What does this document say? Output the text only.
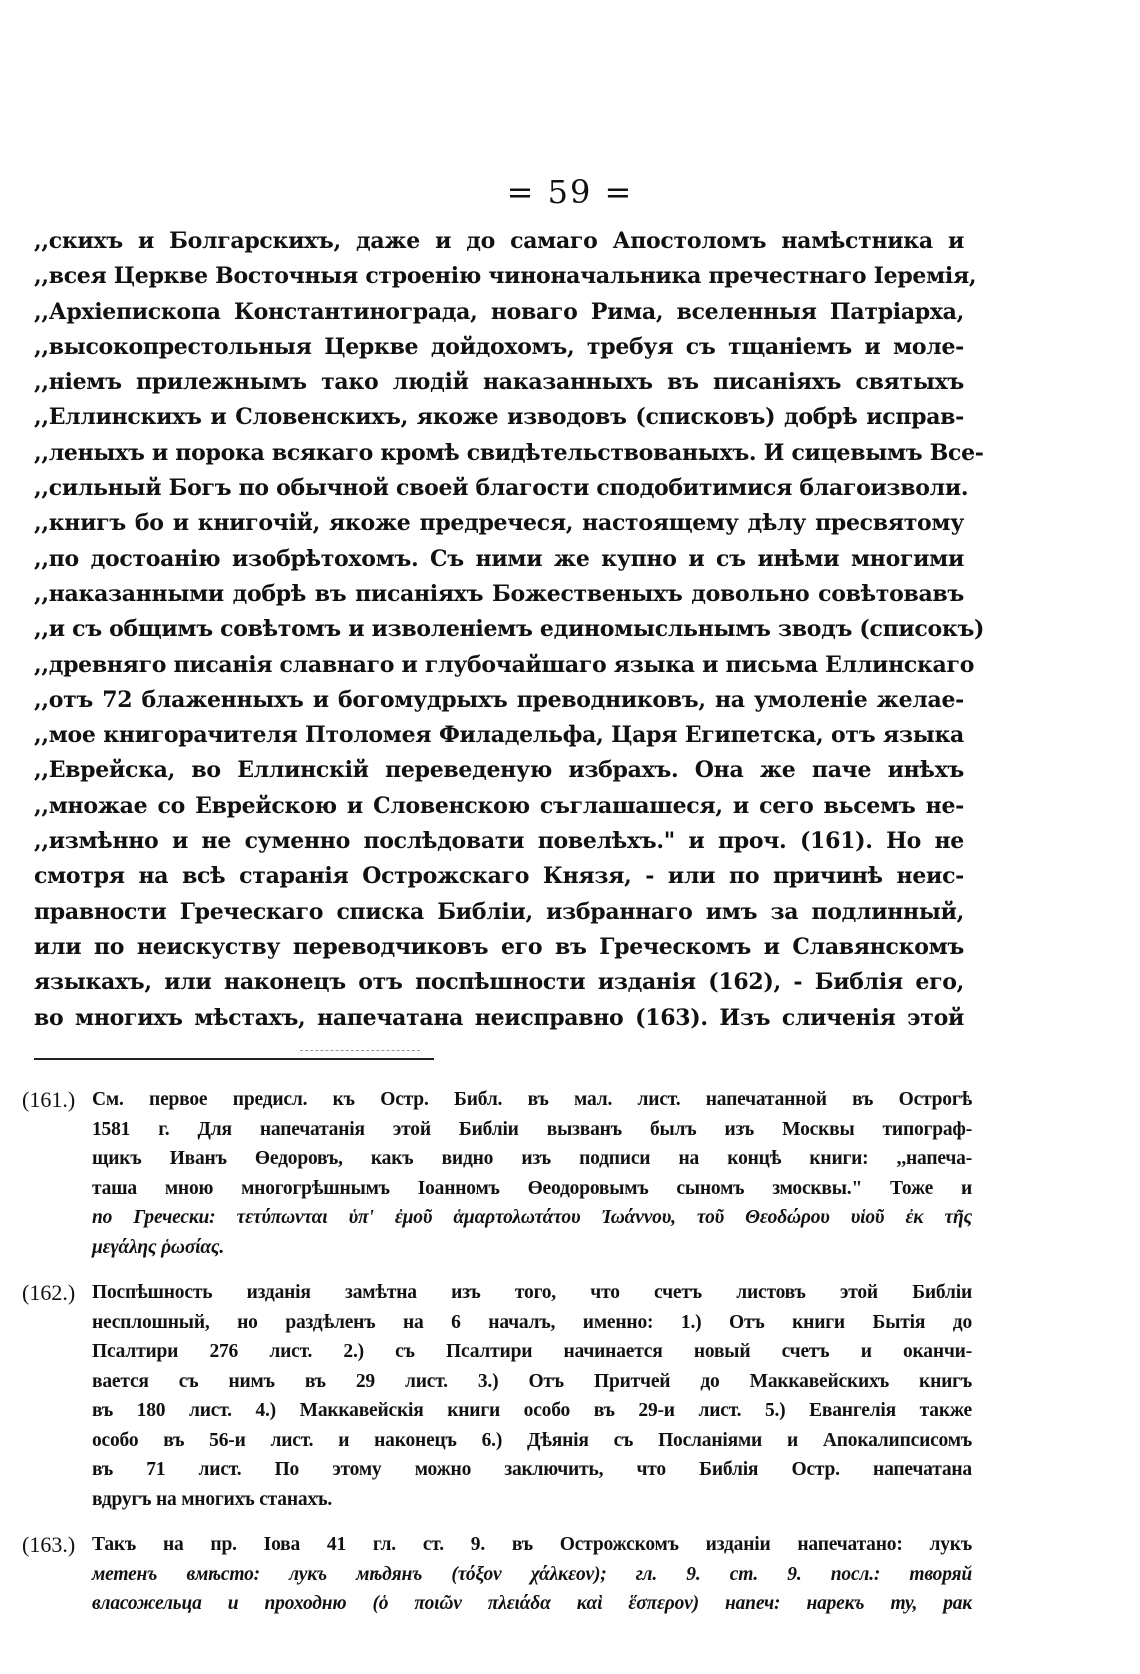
= 59 =
,,скихъ и Болгарскихъ, даже и до самаго Апостоломъ намѣстника и
,,всея Церкве Восточныя строенію чиноначальника пречестнаго Іеремія,
,,Архіепископа Константинограда, новаго Рима, вселенныя Патріарха,
,,высокопрестольныя Церкве дойдохомъ, требуя съ тщаніемъ и моле-
,,ніемъ прилежнымъ тако людій наказанныхъ въ писаніяхъ святыхъ
,,Еллинскихъ и Словенскихъ, якоже изводовъ (списковъ) добрѣ исправ-
,,леныхъ и порока всякаго кромѣ свидѣтельствованыхъ. И сицевымъ Все-
,,сильный Богъ по обычной своей благости сподобитимися благоизволи.
,,книгъ бо и книгочій, якоже предречеся, настоящему дѣлу пресвятому
,,по достоанію изобрѣтохомъ. Съ ними же купно и съ инѣми многими
,,наказанными добрѣ въ писаніяхъ Божественыхъ довольно совѣтовавъ
,,и съ общимъ совѣтомъ и изволеніемъ единомысльнымъ зводъ (списокъ)
,,древняго писанія славнаго и глубочайшаго языка и письма Еллинскаго
,,отъ 72 блаженныхъ и богомудрыхъ преводниковъ, на умоленіе желае-
,,мое книгорачителя Птоломея Филадельфа, Царя Египетска, отъ языка
,,Еврейска, во Еллинскій переведеную избрахъ. Она же паче инѣхъ
,,множае со Еврейскою и Словенскою съглашашеся, и сего вьсемъ не-
,,измѣнно и не суменно послѣдовати повелѣхъ." и проч. (161). Но не
смотря на всѣ старанія Острожскаго Князя, - или по причинѣ неис-
правности Греческаго списка Библіи, избраннаго имъ за подлинный,
или по неискуству переводчиковъ его въ Греческомъ и Славянскомъ
языкахъ, или наконецъ отъ поспѣшности изданія (162), - Библія его,
во многихъ мѣстахъ, напечатана неисправно (163). Изъ сличенія этой
(161.) См. первое предисл. къ Остр. Библ. въ мал. лист. напечатанной въ Острогѣ
1581 г. Для напечатанія этой Библіи вызванъ былъ изъ Москвы типограф-
щикъ Иванъ Өедоровъ, какъ видно изъ подписи на концѣ книги: ,,напеча-
таша мною многогрѣшнымъ Іоанномъ Өеодоровымъ сыномъ змосквы." Тоже и
по Гречески: τετύπωνται ὑπ' ἐμοῦ ἁμαρτολωτάτου Ἰωάννου, τοῦ Θεοδώρου υἱοῦ ἐκ τῆς
μεγάλης ῥωσίας.
(162.) Поспѣшность изданія замѣтна изъ того, что счетъ листовъ этой Библіи
несплошный, но раздѣленъ на 6 началъ, именно: 1.) Отъ книги Бытія до
Псалтири 276 лист. 2.) съ Псалтири начинается новый счетъ и оканчи-
вается съ нимъ въ 29 лист. 3.) Отъ Притчей до Маккавейскихъ книгъ
въ 180 лист. 4.) Маккавейскія книги особо въ 29-и лист. 5.) Евангелія также
особо въ 56-и лист. и наконецъ 6.) Дѣянія съ Посланіями и Апокалипсисомъ
въ 71 лист. По этому можно заключить, что Библія Остр. напечатана
вдругъ на многихъ станахъ.
(163.) Такъ на пр. Іова 41 гл. ст. 9. въ Острожскомъ изданіи напечатано: лукъ
метенъ вмѣсто: лукъ мѣдянъ (τόξον χάλκεον); гл. 9. ст. 9. посл.: творяй
власожельца и проходню (ὁ ποιῶν πλειάδα καὶ ἕσπερον) напеч: нарекъ ту, рак
